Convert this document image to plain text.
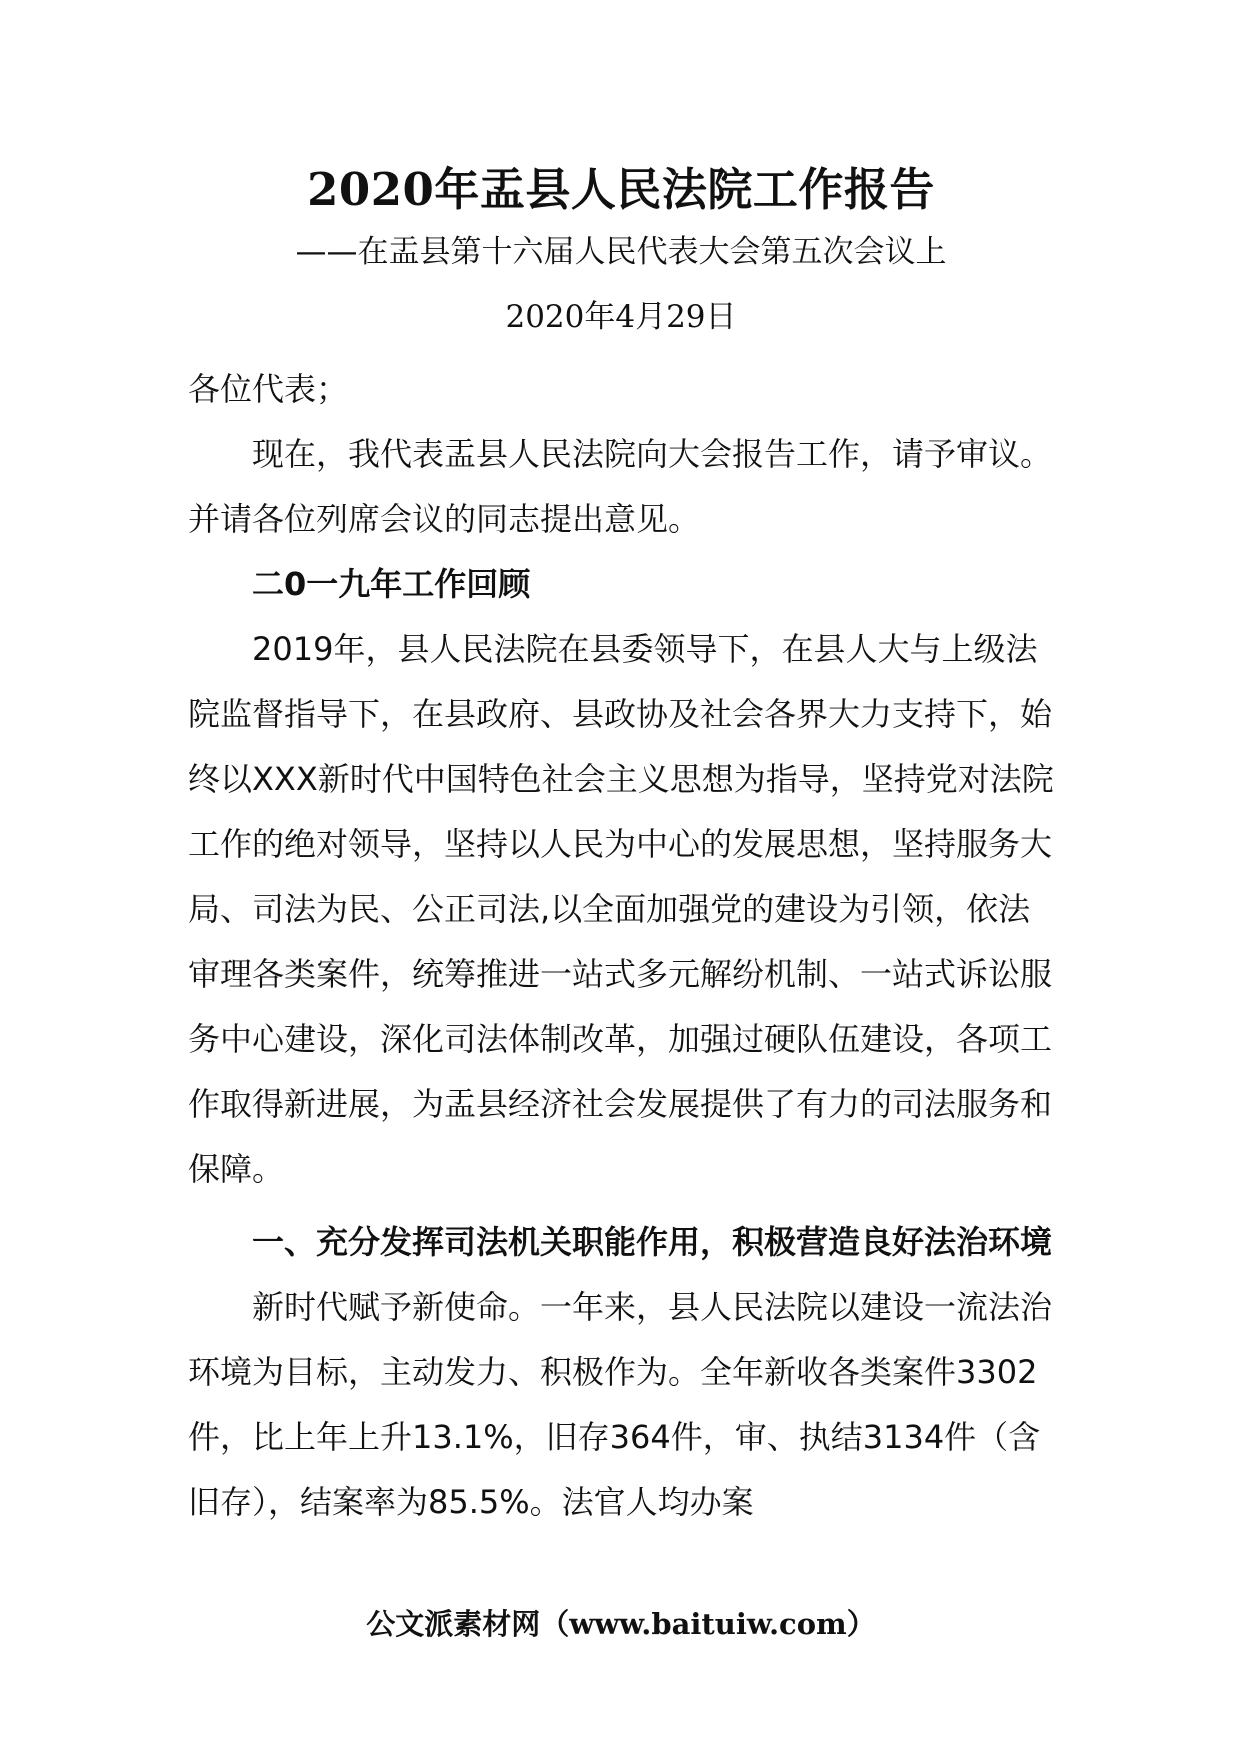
2020年盂县人民法院工作报告
——在盂县第十六届人民代表大会第五次会议上
2020年4月29日

各位代表；

现在，我代表盂县人民法院向大会报告工作，请予审议。并请各位列席会议的同志提出意见。

二0一九年工作回顾

2019年，县人民法院在县委领导下，在县人大与上级法院监督指导下，在县政府、县政协及社会各界大力支持下，始终以XXX新时代中国特色社会主义思想为指导，坚持党对法院工作的绝对领导，坚持以人民为中心的发展思想，坚持服务大局、司法为民、公正司法,以全面加强党的建设为引领，依法审理各类案件，统筹推进一站式多元解纷机制、一站式诉讼服务中心建设，深化司法体制改革，加强过硬队伍建设，各项工作取得新进展，为盂县经济社会发展提供了有力的司法服务和保障。

一、充分发挥司法机关职能作用，积极营造良好法治环境

新时代赋予新使命。一年来，县人民法院以建设一流法治环境为目标，主动发力、积极作为。全年新收各类案件3302件，比上年上升13.1%，旧存364件，审、执结3134件（含旧存），结案率为85.5%。法官人均办案

公文派素材网（www.baituiw.com）
